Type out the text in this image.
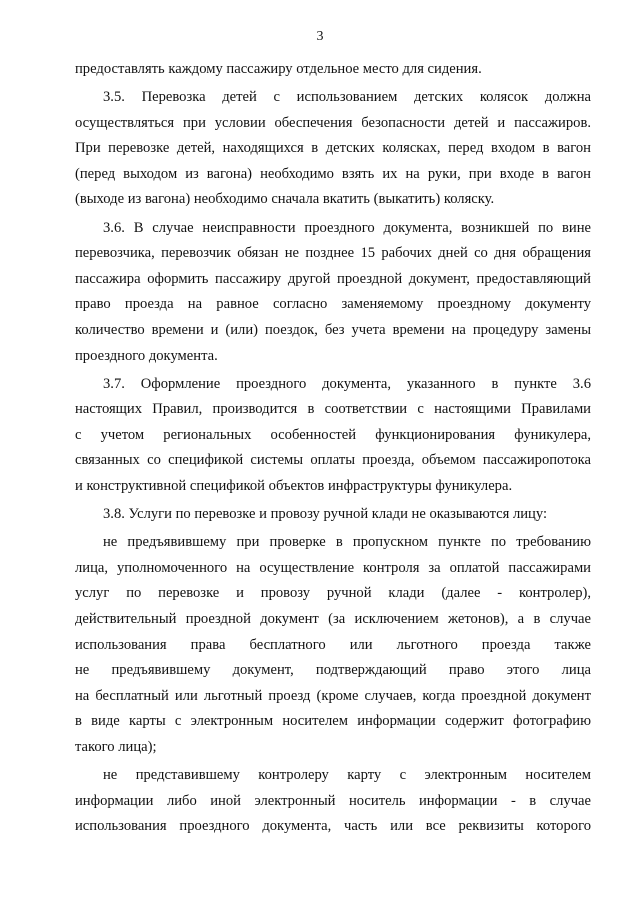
3
предоставлять каждому пассажиру отдельное место для сидения.
3.5. Перевозка детей с использованием детских колясок должна
осуществляться при условии обеспечения безопасности детей и пассажиров.
При перевозке детей, находящихся в детских колясках, перед входом в вагон
(перед выходом из вагона) необходимо взять их на руки, при входе в вагон
(выходе из вагона) необходимо сначала вкатить (выкатить) коляску.
3.6. В случае неисправности проездного документа, возникшей по вине
перевозчика, перевозчик обязан не позднее 15 рабочих дней со дня обращения
пассажира оформить пассажиру другой проездной документ, предоставляющий
право проезда на равное согласно заменяемому проездному документу
количество времени и (или) поездок, без учета времени на процедуру замены
проездного документа.
3.7. Оформление проездного документа, указанного в пункте 3.6
настоящих Правил, производится в соответствии с настоящими Правилами
с учетом региональных особенностей функционирования фуникулера,
связанных со спецификой системы оплаты проезда, объемом пассажиропотока
и конструктивной спецификой объектов инфраструктуры фуникулера.
3.8. Услуги по перевозке и провозу ручной клади не оказываются лицу:
не предъявившему при проверке в пропускном пункте по требованию
лица, уполномоченного на осуществление контроля за оплатой пассажирами
услуг по перевозке и провозу ручной клади (далее - контролер),
действительный проездной документ (за исключением жетонов), а в случае
использования права бесплатного или льготного проезда также
не предъявившему документ, подтверждающий право этого лица
на бесплатный или льготный проезд (кроме случаев, когда проездной документ
в виде карты с электронным носителем информации содержит фотографию
такого лица);
не представившему контролеру карту с электронным носителем
информации либо иной электронный носитель информации - в случае
использования проездного документа, часть или все реквизиты которого
